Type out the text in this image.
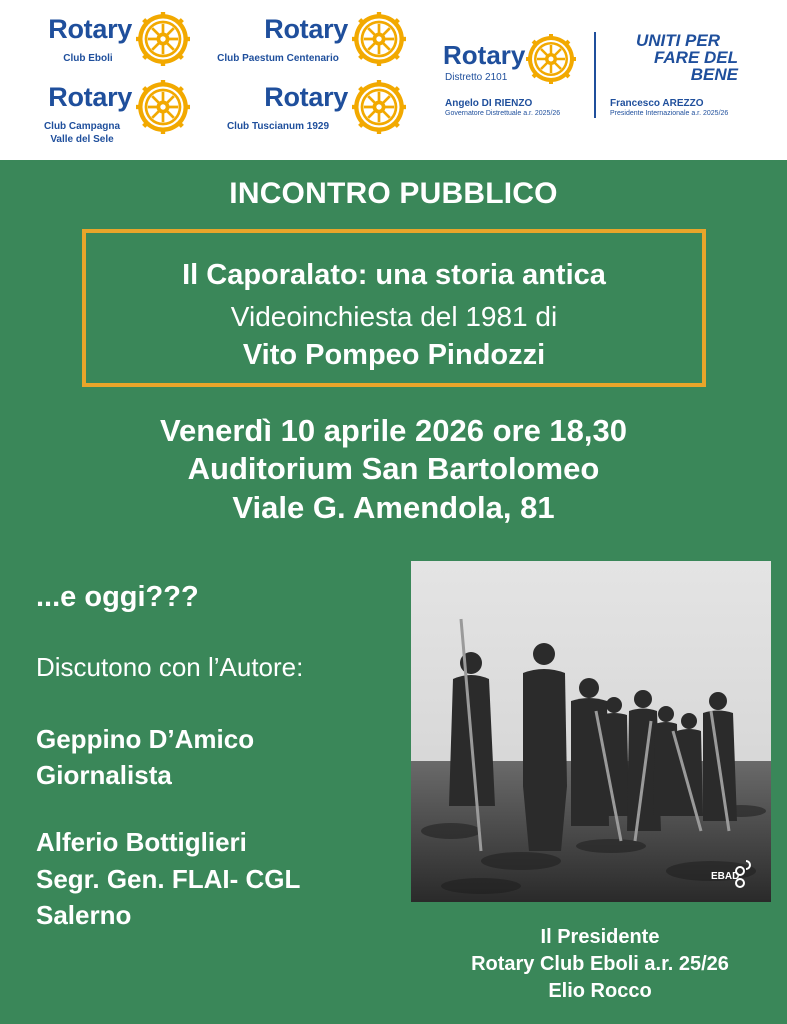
Rotary
Club Eboli
Rotary
Club Paestum Centenario
Rotary
Club Campagna
Valle del Sele
Rotary
Club Tuscianum 1929
Rotary
Distretto 2101
Angelo DI RIENZO
Governatore Distrettuale a.r. 2025/26
UNITI PER
FARE DEL
BENE
Francesco AREZZO
Presidente Internazionale a.r. 2025/26
INCONTRO PUBBLICO
Il Caporalato: una storia antica
Videoinchiesta del 1981 di
Vito Pompeo Pindozzi
Venerdì 10 aprile 2026 ore 18,30
Auditorium San Bartolomeo
Viale G. Amendola, 81
...e oggi???
Discutono con l’Autore:
Geppino D’Amico
Giornalista
Alferio Bottiglieri
Segr. Gen. FLAI- CGL
Salerno
EBAD
Il Presidente
Rotary Club Eboli a.r. 25/26
Elio Rocco
